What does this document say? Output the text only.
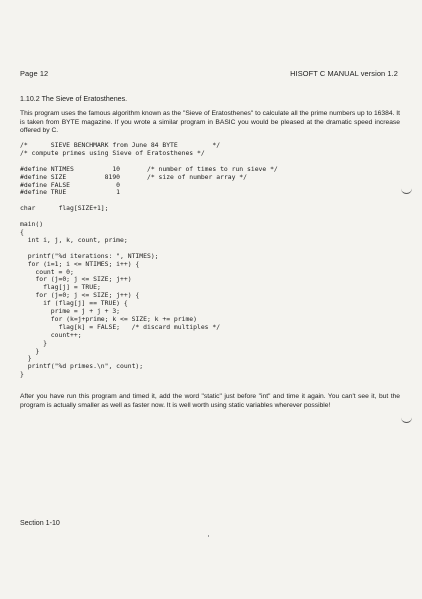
Page 12	HISOFT C MANUAL version 1.2
1.10.2 The Sieve of Eratosthenes.

This program uses the famous algorithm known as the "Sieve of Eratosthenes" to calculate all the prime numbers up to 16384. It is taken from BYTE magazine. If you wrote a similar program in BASIC you would be pleased at the dramatic speed increase offered by C.

/*      SIEVE BENCHMARK from June 84 BYTE         */
/* compute primes using Sieve of Eratosthenes */

#define NTIMES          10       /* number of times to run sieve */
#define SIZE          8190       /* size of number array */
#define FALSE            0
#define TRUE             1

char      flag[SIZE+1];

main()
{
int i, j, k, count, prime;

printf("%d iterations: ", NTIMES);
for (i=1; i <= NTIMES; i++) {
count = 0;
for (j=0; j <= SIZE; j++)
flag[j] = TRUE;
for (j=0; j <= SIZE; j++) {
if (flag[j] == TRUE) {
prime = j + j + 3;
for (k=j+prime; k <= SIZE; k += prime)
flag[k] = FALSE;   /* discard multiples */
count++;
}
}
}
printf("%d primes.\n", count);
}

After you have run this program and timed it, add the word "static" just before "int" and time it again. You can't see it, but the program is actually smaller as well as faster now. It is well worth using static variables wherever possible!

Section 1-10
